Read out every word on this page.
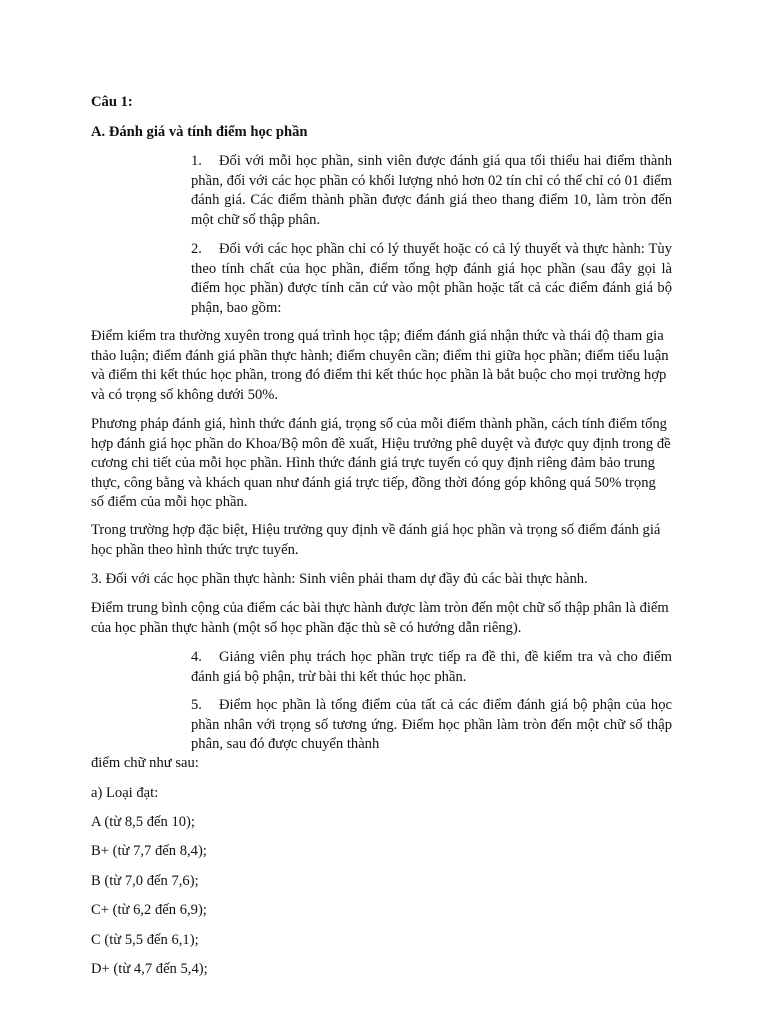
Câu 1:

A. Đánh giá và tính điểm học phần

1. Đối với mỗi học phần, sinh viên được đánh giá qua tối thiểu hai điểm thành phần, đối với các học phần có khối lượng nhỏ hơn 02 tín chỉ có thể chỉ có 01 điểm đánh giá. Các điểm thành phần được đánh giá theo thang điểm 10, làm tròn đến một chữ số thập phân.

2. Đối với các học phần chỉ có lý thuyết hoặc có cả lý thuyết và thực hành: Tùy theo tính chất của học phần, điểm tổng hợp đánh giá học phần (sau đây gọi là điểm học phần) được tính căn cứ vào một phần hoặc tất cả các điểm đánh giá bộ phận, bao gồm:

Điểm kiểm tra thường xuyên trong quá trình học tập; điểm đánh giá nhận thức và thái độ tham gia thảo luận; điểm đánh giá phần thực hành; điểm chuyên cần; điểm thi giữa học phần; điểm tiểu luận và điểm thi kết thúc học phần, trong đó điểm thi kết thúc học phần là bắt buộc cho mọi trường hợp và có trọng số không dưới 50%.

Phương pháp đánh giá, hình thức đánh giá, trọng số của mỗi điểm thành phần, cách tính điểm tổng hợp đánh giá học phần do Khoa/Bộ môn đề xuất, Hiệu trưởng phê duyệt và được quy định trong đề cương chi tiết của mỗi học phần. Hình thức đánh giá trực tuyến có quy định riêng đảm bảo trung thực, công bằng và khách quan như đánh giá trực tiếp, đồng thời đóng góp không quá 50% trọng số điểm của mỗi học phần.

Trong trường hợp đặc biệt, Hiệu trưởng quy định về đánh giá học phần và trọng số điểm đánh giá học phần theo hình thức trực tuyến.

3. Đối với các học phần thực hành: Sinh viên phải tham dự đầy đủ các bài thực hành.

Điểm trung bình cộng của điểm các bài thực hành được làm tròn đến một chữ số thập phân là điểm của học phần thực hành (một số học phần đặc thù sẽ có hướng dẫn riêng).

4. Giảng viên phụ trách học phần trực tiếp ra đề thi, đề kiểm tra và cho điểm đánh giá bộ phận, trừ bài thi kết thúc học phần.

5. Điểm học phần là tổng điểm của tất cả các điểm đánh giá bộ phận của học phần nhân với trọng số tương ứng. Điểm học phần làm tròn đến một chữ số thập phân, sau đó được chuyển thành

điểm chữ như sau:

a) Loại đạt:

A (từ 8,5 đến 10);

B+ (từ 7,7 đến 8,4);

B (từ 7,0 đến 7,6);

C+ (từ 6,2 đến 6,9);

C (từ 5,5 đến 6,1);

D+ (từ 4,7 đến 5,4);
